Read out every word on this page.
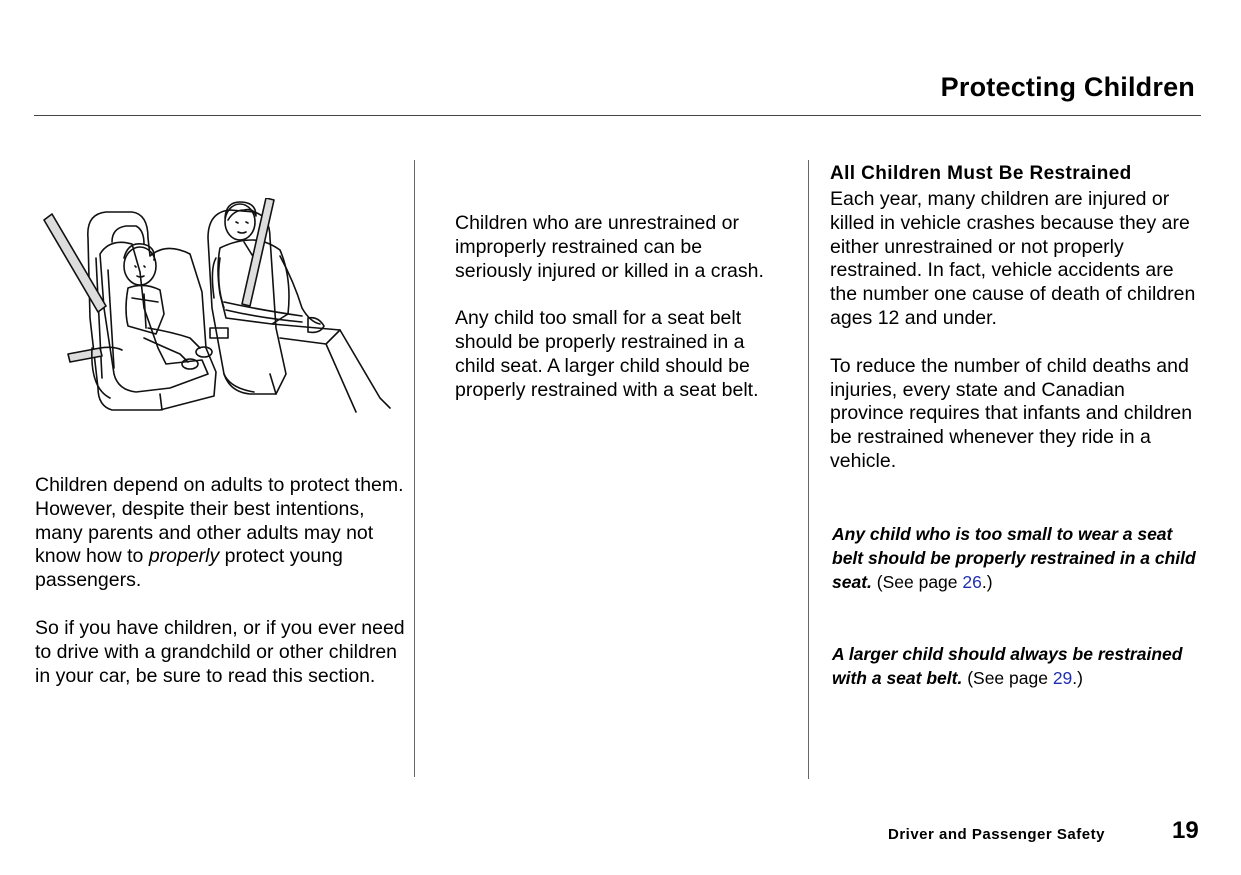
Protecting Children

Children depend on adults to protect them. However, despite their best intentions, many parents and other adults may not know how to properly protect young passengers.

So if you have children, or if you ever need to drive with a grandchild or other children in your car, be sure to read this section.

Children who are unrestrained or improperly restrained can be seriously injured or killed in a crash.

Any child too small for a seat belt should be properly restrained in a child seat. A larger child should be properly restrained with a seat belt.

All Children Must Be Restrained

Each year, many children are injured or killed in vehicle crashes because they are either unrestrained or not properly restrained. In fact, vehicle accidents are the number one cause of death of children ages 12 and under.

To reduce the number of child deaths and injuries, every state and Canadian province requires that infants and children be restrained whenever they ride in a vehicle.

Any child who is too small to wear a seat belt should be properly restrained in a child seat. (See page 26.)
A larger child should always be restrained with a seat belt. (See page 29.)
Driver and Passenger Safety	19
